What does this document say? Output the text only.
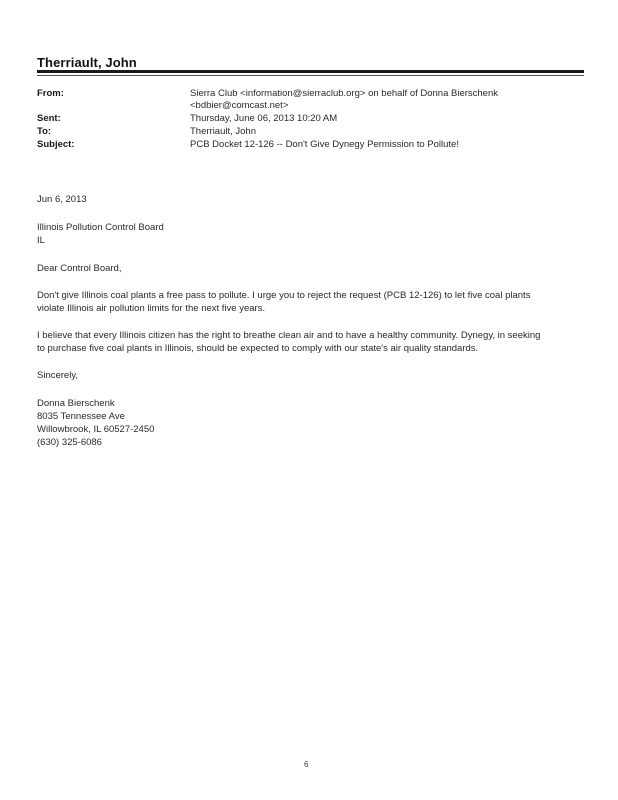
Therriault, John
From:	Sierra Club <information@sierraclub.org> on behalf of Donna Bierschenk
<bdbier@comcast.net>
Sent:	Thursday, June 06, 2013 10:20 AM
To:	Therriault, John
Subject:	PCB Docket 12-126 -- Don't Give Dynegy Permission to Pollute!
Jun 6, 2013
Illinois Pollution Control Board
IL
Dear Control Board,
Don't give Illinois coal plants a free pass to pollute. I urge you to reject the request (PCB 12-126) to let five coal plants
violate Illinois air pollution limits for the next five years.
I believe that every Illinois citizen has the right to breathe clean air and to have a healthy community. Dynegy, in seeking
to purchase five coal plants in Illinois, should be expected to comply with our state's air quality standards.
Sincerely,
Donna Bierschenk
8035 Tennessee Ave
Willowbrook, IL 60527-2450
(630) 325-6086
6
